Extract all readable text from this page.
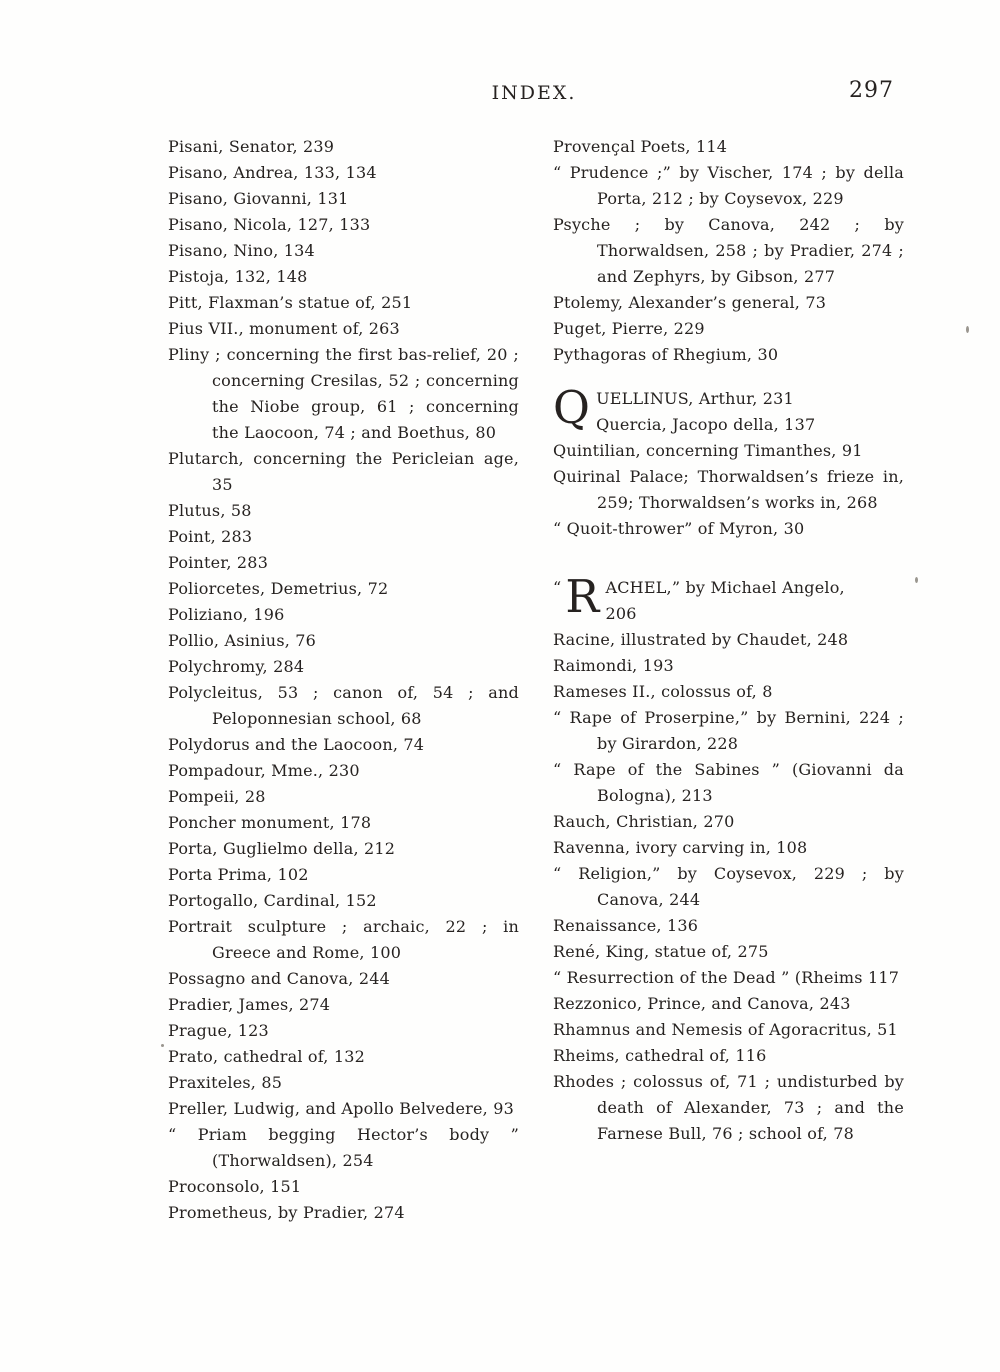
INDEX.	297
Pisani, Senator, 239
Pisano, Andrea, 133, 134
Pisano, Giovanni, 131
Pisano, Nicola, 127, 133
Pisano, Nino, 134
Pistoja, 132, 148
Pitt, Flaxman’s statue of, 251
Pius VII., monument of, 263
Pliny ; concerning the first bas-relief, 20 ; concerning Cresilas, 52 ; concerning the Niobe group, 61 ; concerning the Laocoon, 74 ; and Boethus, 80
Plutarch, concerning the Pericleian age, 35
Plutus, 58
Point, 283
Pointer, 283
Poliorcetes, Demetrius, 72
Poliziano, 196
Pollio, Asinius, 76
Polychromy, 284
Polycleitus, 53 ; canon of, 54 ; and Peloponnesian school, 68
Polydorus and the Laocoon, 74
Pompadour, Mme., 230
Pompeii, 28
Poncher monument, 178
Porta, Guglielmo della, 212
Porta Prima, 102
Portogallo, Cardinal, 152
Portrait sculpture ; archaic, 22 ; in Greece and Rome, 100
Possagno and Canova, 244
Pradier, James, 274
Prague, 123
Prato, cathedral of, 132
Praxiteles, 85
Preller, Ludwig, and Apollo Belvedere, 93
“ Priam begging Hector’s body ” (Thorwaldsen), 254
Proconsolo, 151
Prometheus, by Pradier, 274
Provençal Poets, 114
“ Prudence ;” by Vischer, 174 ; by della Porta, 212 ; by Coysevox, 229
Psyche ; by Canova, 242 ; by Thorwaldsen, 258 ; by Pradier, 274 ; and Zephyrs, by Gibson, 277
Ptolemy, Alexander’s general, 73
Puget, Pierre, 229
Pythagoras of Rhegium, 30
Q UELLINUS, Arthur, 231
Quercia, Jacopo della, 137
Quintilian, concerning Timanthes, 91
Quirinal Palace; Thorwaldsen’s frieze in, 259; Thorwaldsen’s works in, 268
“ Quoit-thrower” of Myron, 30
“ R ACHEL,” by Michael Angelo,
206
Racine, illustrated by Chaudet, 248
Raimondi, 193
Rameses II., colossus of, 8
“ Rape of Proserpine,” by Bernini, 224 ; by Girardon, 228
“ Rape of the Sabines ” (Giovanni da Bologna), 213
Rauch, Christian, 270
Ravenna, ivory carving in, 108
“ Religion,” by Coysevox, 229 ; by Canova, 244
Renaissance, 136
René, King, statue of, 275
“ Resurrection of the Dead ” (Rheims 117
Rezzonico, Prince, and Canova, 243
Rhamnus and Nemesis of Agoracritus, 51
Rheims, cathedral of, 116
Rhodes ; colossus of, 71 ; undisturbed by death of Alexander, 73 ; and the Farnese Bull, 76 ; school of, 78
